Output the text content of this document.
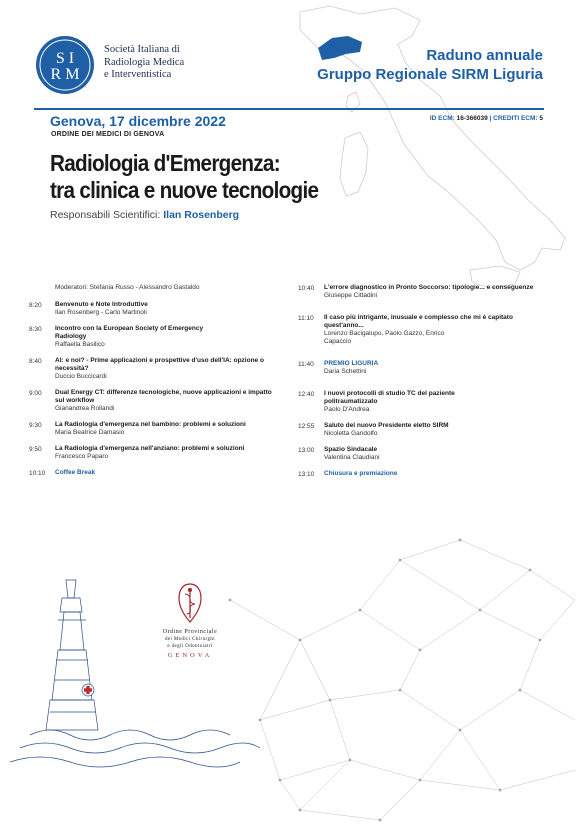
S I
R M
Società Italiana di
Radiologia Medica
e Interventistica
Raduno annuale
Gruppo Regionale SIRM Liguria
Genova, 17 dicembre 2022
ORDINE DEI MEDICI DI GENOVA
ID ECM: 16-366039 | CREDITI ECM: 5
Radiologia d'Emergenza:
tra clinica e nuove tecnologie
Responsabili Scientifici: Ilan Rosenberg
Moderatori: Stefania Russo - Alessandro Gastaldo
8:20	Benvenuto e Note Introduttive
Ilan Rosenberg - Carlo Martinoli
8:30	Incontro con la European Society of Emergency Radiology
Raffaella Basilico
8:40	AI: e noi? - Prime applicazioni e prospettive d'uso dell'IA: opzione o necessità?
Duccio Buccicardi
9:00	Dual Energy CT: differenze tecnologiche, nuove applicazioni e impatto sul workflow
Gianandrea Rollandi
9:30	La Radiologia d'emergenza nel bambino: problemi e soluzioni
Maria Beatrice Damasio
9:50	La Radiologia d'emergenza nell'anziano: problemi e soluzioni
Francesco Paparo
10:10	Coffee Break
10:40	L'errore diagnostico in Pronto Soccorso: tipologie... e conseguenze
Giuseppe Cittadini
11:10	Il caso più intrigante, inusuale e complesso che mi è capitato quest'anno...
Lorenzo Bacigalupo, Paolo Gazzo, Enrico Capaccio
11:40	PREMIO LIGURIA
Daria Schettini
12:40	I nuovi protocolli di studio TC del paziente politraumatizzato
Paolo D'Andrea
12:55	Saluto del nuovo Presidente eletto SIRM
Nicoletta Gandolfo
13:00	Spazio Sindacale
Valentina Claudiani
13:10	Chiusura e premiazione
Ordine Provinciale
dei Medici Chirurghi
e degli Odontoiatri
GENOVA
